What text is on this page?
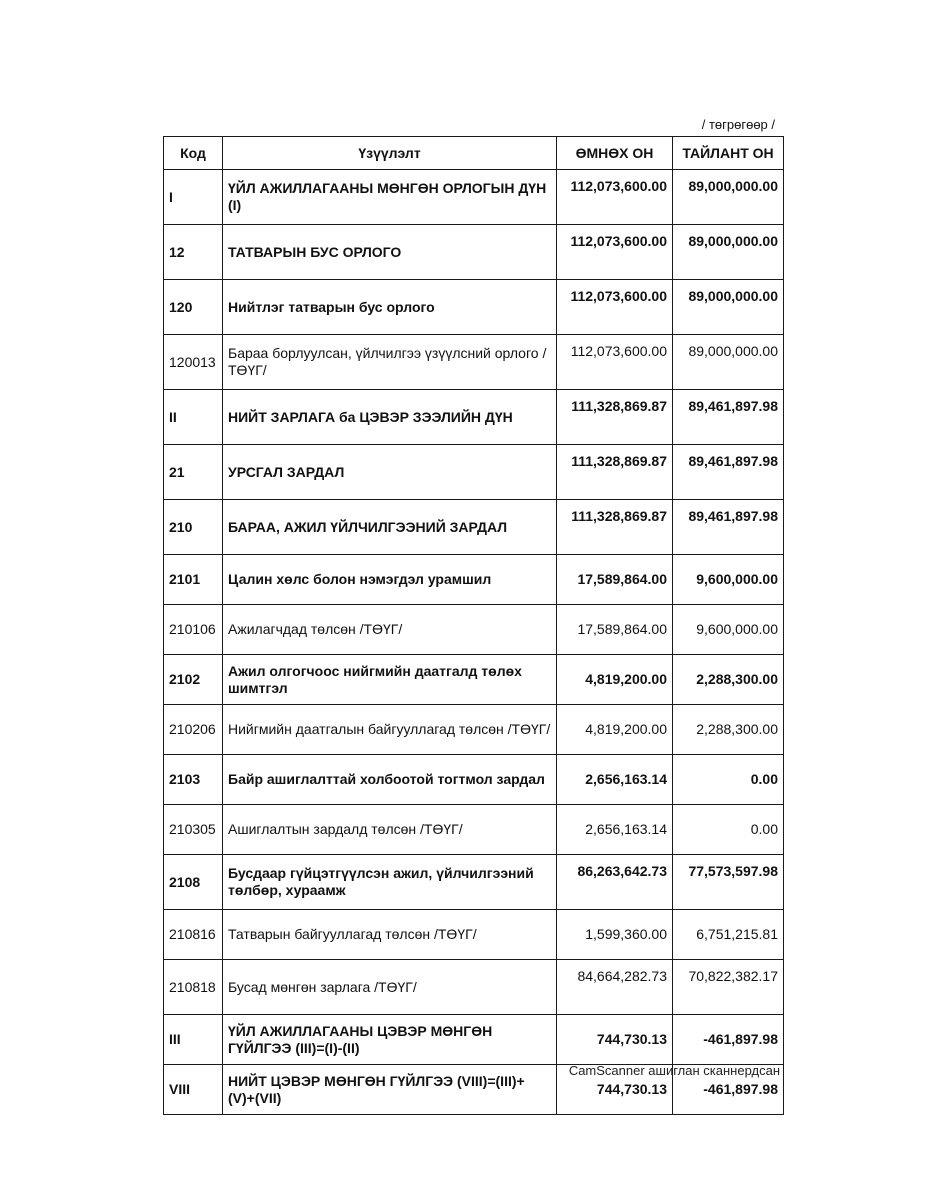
/ төгрөгөөр /
Код	Үзүүлэлт	ӨМНӨХ ОН	ТАЙЛАНТ ОН
I	ҮЙЛ АЖИЛЛАГААНЫ МӨНГӨН ОРЛОГЫН ДҮН (I)	112,073,600.00	89,000,000.00
12	ТАТВАРЫН БУС ОРЛОГО	112,073,600.00	89,000,000.00
120	Нийтлэг татварын бус орлого	112,073,600.00	89,000,000.00
120013	Бараа борлуулсан, үйлчилгээ үзүүлсний орлого /ТӨҮГ/	112,073,600.00	89,000,000.00
II	НИЙТ ЗАРЛАГА ба ЦЭВЭР ЗЭЭЛИЙН ДҮН	111,328,869.87	89,461,897.98
21	УРСГАЛ ЗАРДАЛ	111,328,869.87	89,461,897.98
210	БАРАА, АЖИЛ ҮЙЛЧИЛГЭЭНИЙ ЗАРДАЛ	111,328,869.87	89,461,897.98
2101	Цалин хөлс болон нэмэгдэл урамшил	17,589,864.00	9,600,000.00
210106	Ажилагчдад төлсөн /ТӨҮГ/	17,589,864.00	9,600,000.00
2102	Ажил олгогчоос нийгмийн даатгалд төлөх шимтгэл	4,819,200.00	2,288,300.00
210206	Нийгмийн даатгалын байгууллагад төлсөн /ТӨҮГ/	4,819,200.00	2,288,300.00
2103	Байр ашиглалттай холбоотой тогтмол зардал	2,656,163.14	0.00
210305	Ашиглалтын зардалд төлсөн /ТӨҮГ/	2,656,163.14	0.00
2108	Бусдаар гүйцэтгүүлсэн ажил, үйлчилгээний төлбөр, хураамж	86,263,642.73	77,573,597.98
210816	Татварын байгууллагад төлсөн /ТӨҮГ/	1,599,360.00	6,751,215.81
210818	Бусад мөнгөн зарлага /ТӨҮГ/	84,664,282.73	70,822,382.17
III	ҮЙЛ АЖИЛЛАГААНЫ ЦЭВЭР МӨНГӨН ГҮЙЛГЭЭ (III)=(I)-(II)	744,730.13	-461,897.98
VIII	НИЙТ ЦЭВЭР МӨНГӨН ГҮЙЛГЭЭ (VIII)=(III)+(V)+(VII)	744,730.13	-461,897.98
CamScanner ашиглан сканнердсан
